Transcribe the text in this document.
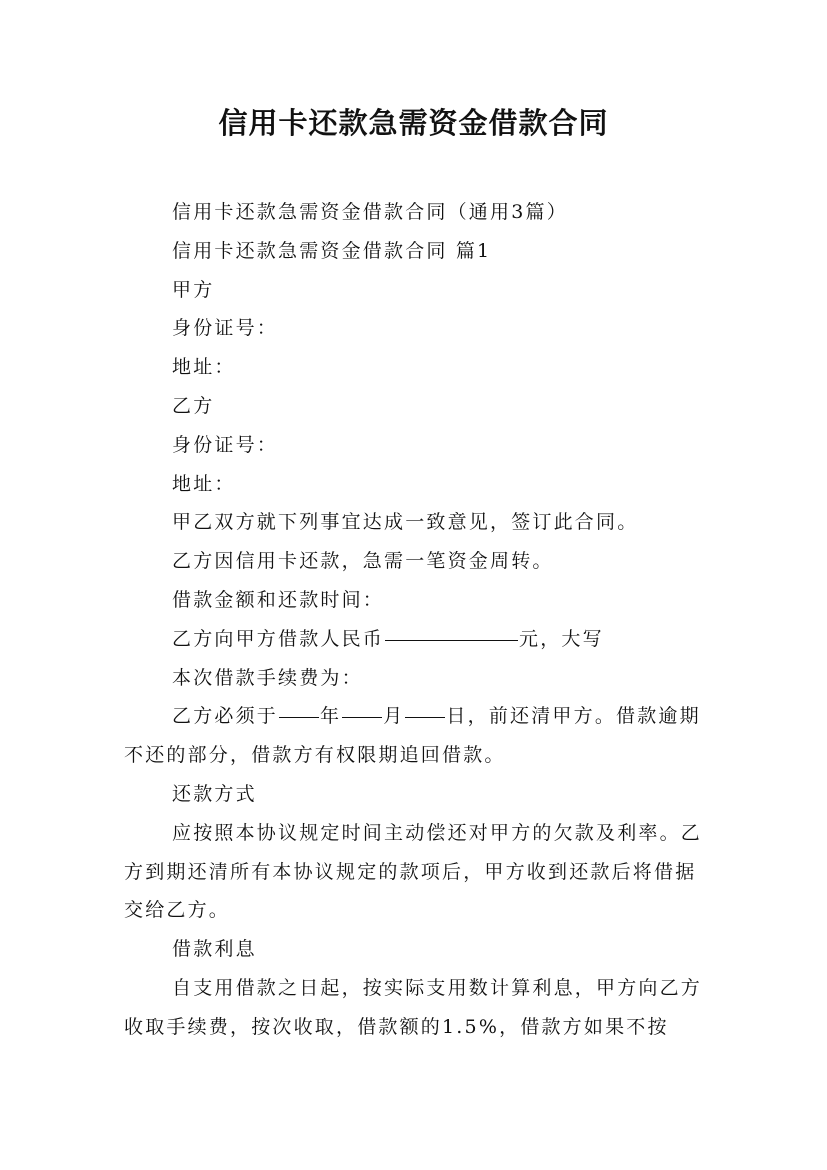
信用卡还款急需资金借款合同

信用卡还款急需资金借款合同（通用3篇）

信用卡还款急需资金借款合同 篇1

甲方

身份证号：

地址：

乙方

身份证号：

地址：

甲乙双方就下列事宜达成一致意见，签订此合同。

乙方因信用卡还款，急需一笔资金周转。

借款金额和还款时间：

乙方向甲方借款人民币	元，大写

本次借款手续费为：

乙方必须于 年 月 日，前还清甲方。借款逾期不还的部分，借款方有权限期追回借款。

还款方式

应按照本协议规定时间主动偿还对甲方的欠款及利率。乙方到期还清所有本协议规定的款项后，甲方收到还款后将借据交给乙方。

借款利息

自支用借款之日起，按实际支用数计算利息，甲方向乙方收取手续费，按次收取，借款额的1.5%，借款方如果不按
